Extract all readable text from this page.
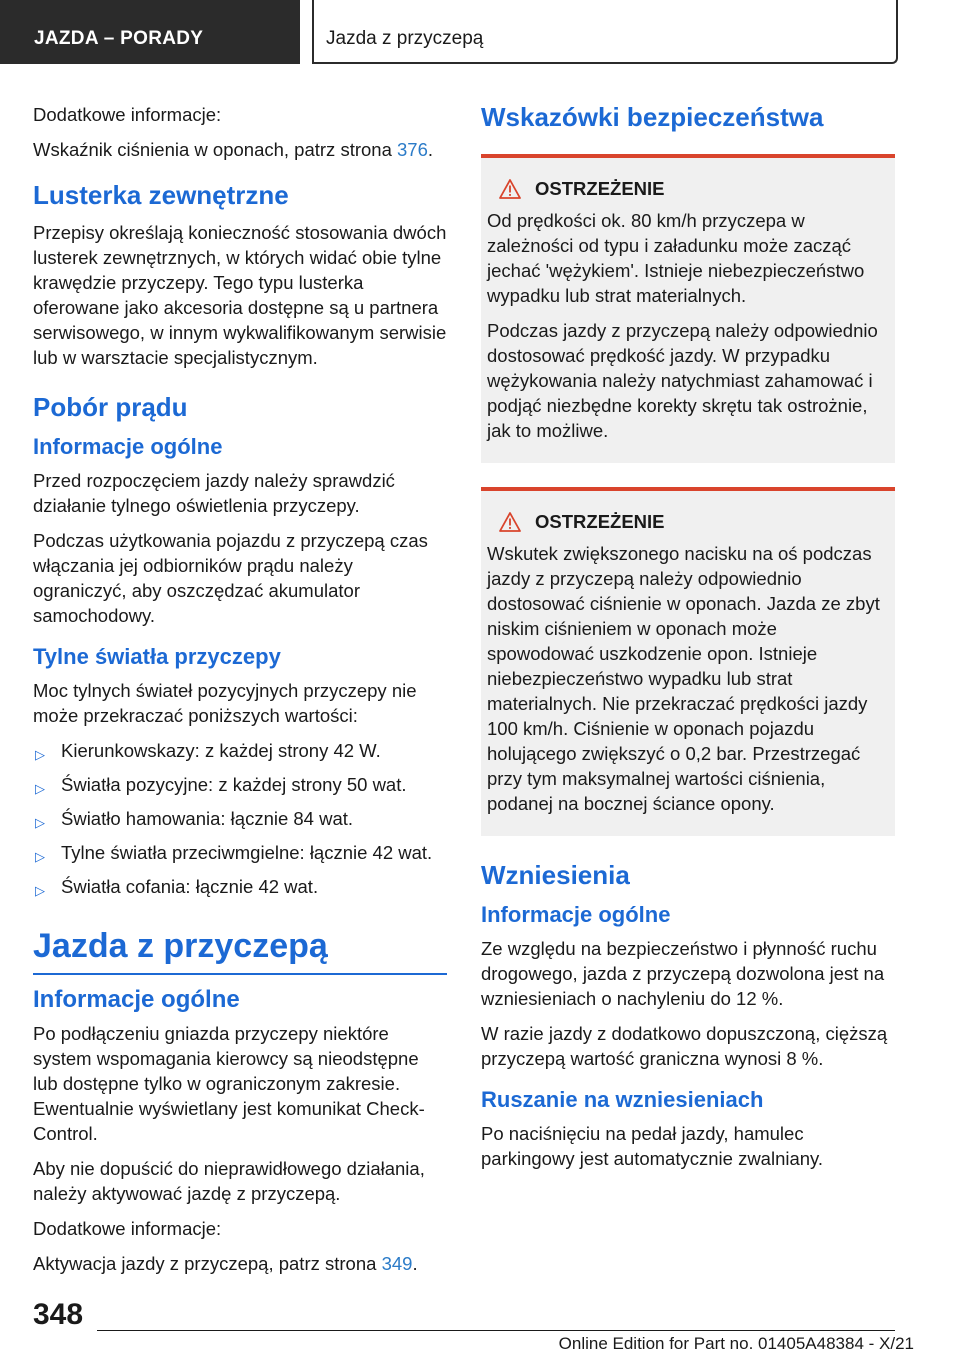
JAZDA – PORADY	Jazda z przyczepą

Dodatkowe informacje:

Wskaźnik ciśnienia w oponach, patrz strona 376.

Lusterka zewnętrzne

Przepisy określają konieczność stosowania dwóch lusterek zewnętrznych, w których widać obie tylne krawędzie przyczepy. Tego typu lusterka oferowane jako akcesoria dostępne są u partnera serwisowego, w innym wykwalifikowanym serwisie lub w warsztacie specjalistycznym.

Pobór prądu
Informacje ogólne

Przed rozpoczęciem jazdy należy sprawdzić działanie tylnego oświetlenia przyczepy.

Podczas użytkowania pojazdu z przyczepą czas włączania jej odbiorników prądu należy ograniczyć, aby oszczędzać akumulator samochodowy.

Tylne światła przyczepy

Moc tylnych świateł pozycyjnych przyczepy nie może przekraczać poniższych wartości:

▷ Kierunkowskazy: z każdej strony 42 W.
▷ Światła pozycyjne: z każdej strony 50 wat.
▷ Światło hamowania: łącznie 84 wat.
▷ Tylne światła przeciwmgielne: łącznie 42 wat.
▷ Światła cofania: łącznie 42 wat.
Jazda z przyczepą
Informacje ogólne

Po podłączeniu gniazda przyczepy niektóre system wspomagania kierowcy są nieodstępne lub dostępne tylko w ograniczonym zakresie. Ewentualnie wyświetlany jest komunikat Check-Control.

Aby nie dopuścić do nieprawidłowego działania, należy aktywować jazdę z przyczepą.

Dodatkowe informacje:

Aktywacja jazdy z przyczepą, patrz strona 349.

Wskazówki bezpieczeństwa
OSTRZEŻENIE

Od prędkości ok. 80 km/h przyczepa w zależności od typu i załadunku może zacząć jechać 'wężykiem'. Istnieje niebezpieczeństwo wypadku lub strat materialnych.

Podczas jazdy z przyczepą należy odpowiednio dostosować prędkość jazdy. W przypadku wężykowania należy natychmiast zahamować i podjąć niezbędne korekty skrętu tak ostrożnie, jak to możliwe.

OSTRZEŻENIE

Wskutek zwiększonego nacisku na oś podczas jazdy z przyczepą należy odpowiednio dostosować ciśnienie w oponach. Jazda ze zbyt niskim ciśnieniem w oponach może spowodować uszkodzenie opon. Istnieje niebezpieczeństwo wypadku lub strat materialnych. Nie przekraczać prędkości jazdy 100 km/h. Ciśnienie w oponach pojazdu holującego zwiększyć o 0,2 bar. Przestrzegać przy tym maksymalnej wartości ciśnienia, podanej na bocznej ściance opony.

Wzniesienia
Informacje ogólne

Ze względu na bezpieczeństwo i płynność ruchu drogowego, jazda z przyczepą dozwolona jest na wzniesieniach o nachyleniu do 12 %.

W razie jazdy z dodatkowo dopuszczoną, cięższą przyczepą wartość graniczna wynosi 8 %.

Ruszanie na wzniesieniach

Po naciśnięciu na pedał jazdy, hamulec parkingowy jest automatycznie zwalniany.

348
Online Edition for Part no. 01405A48384 - X/21
